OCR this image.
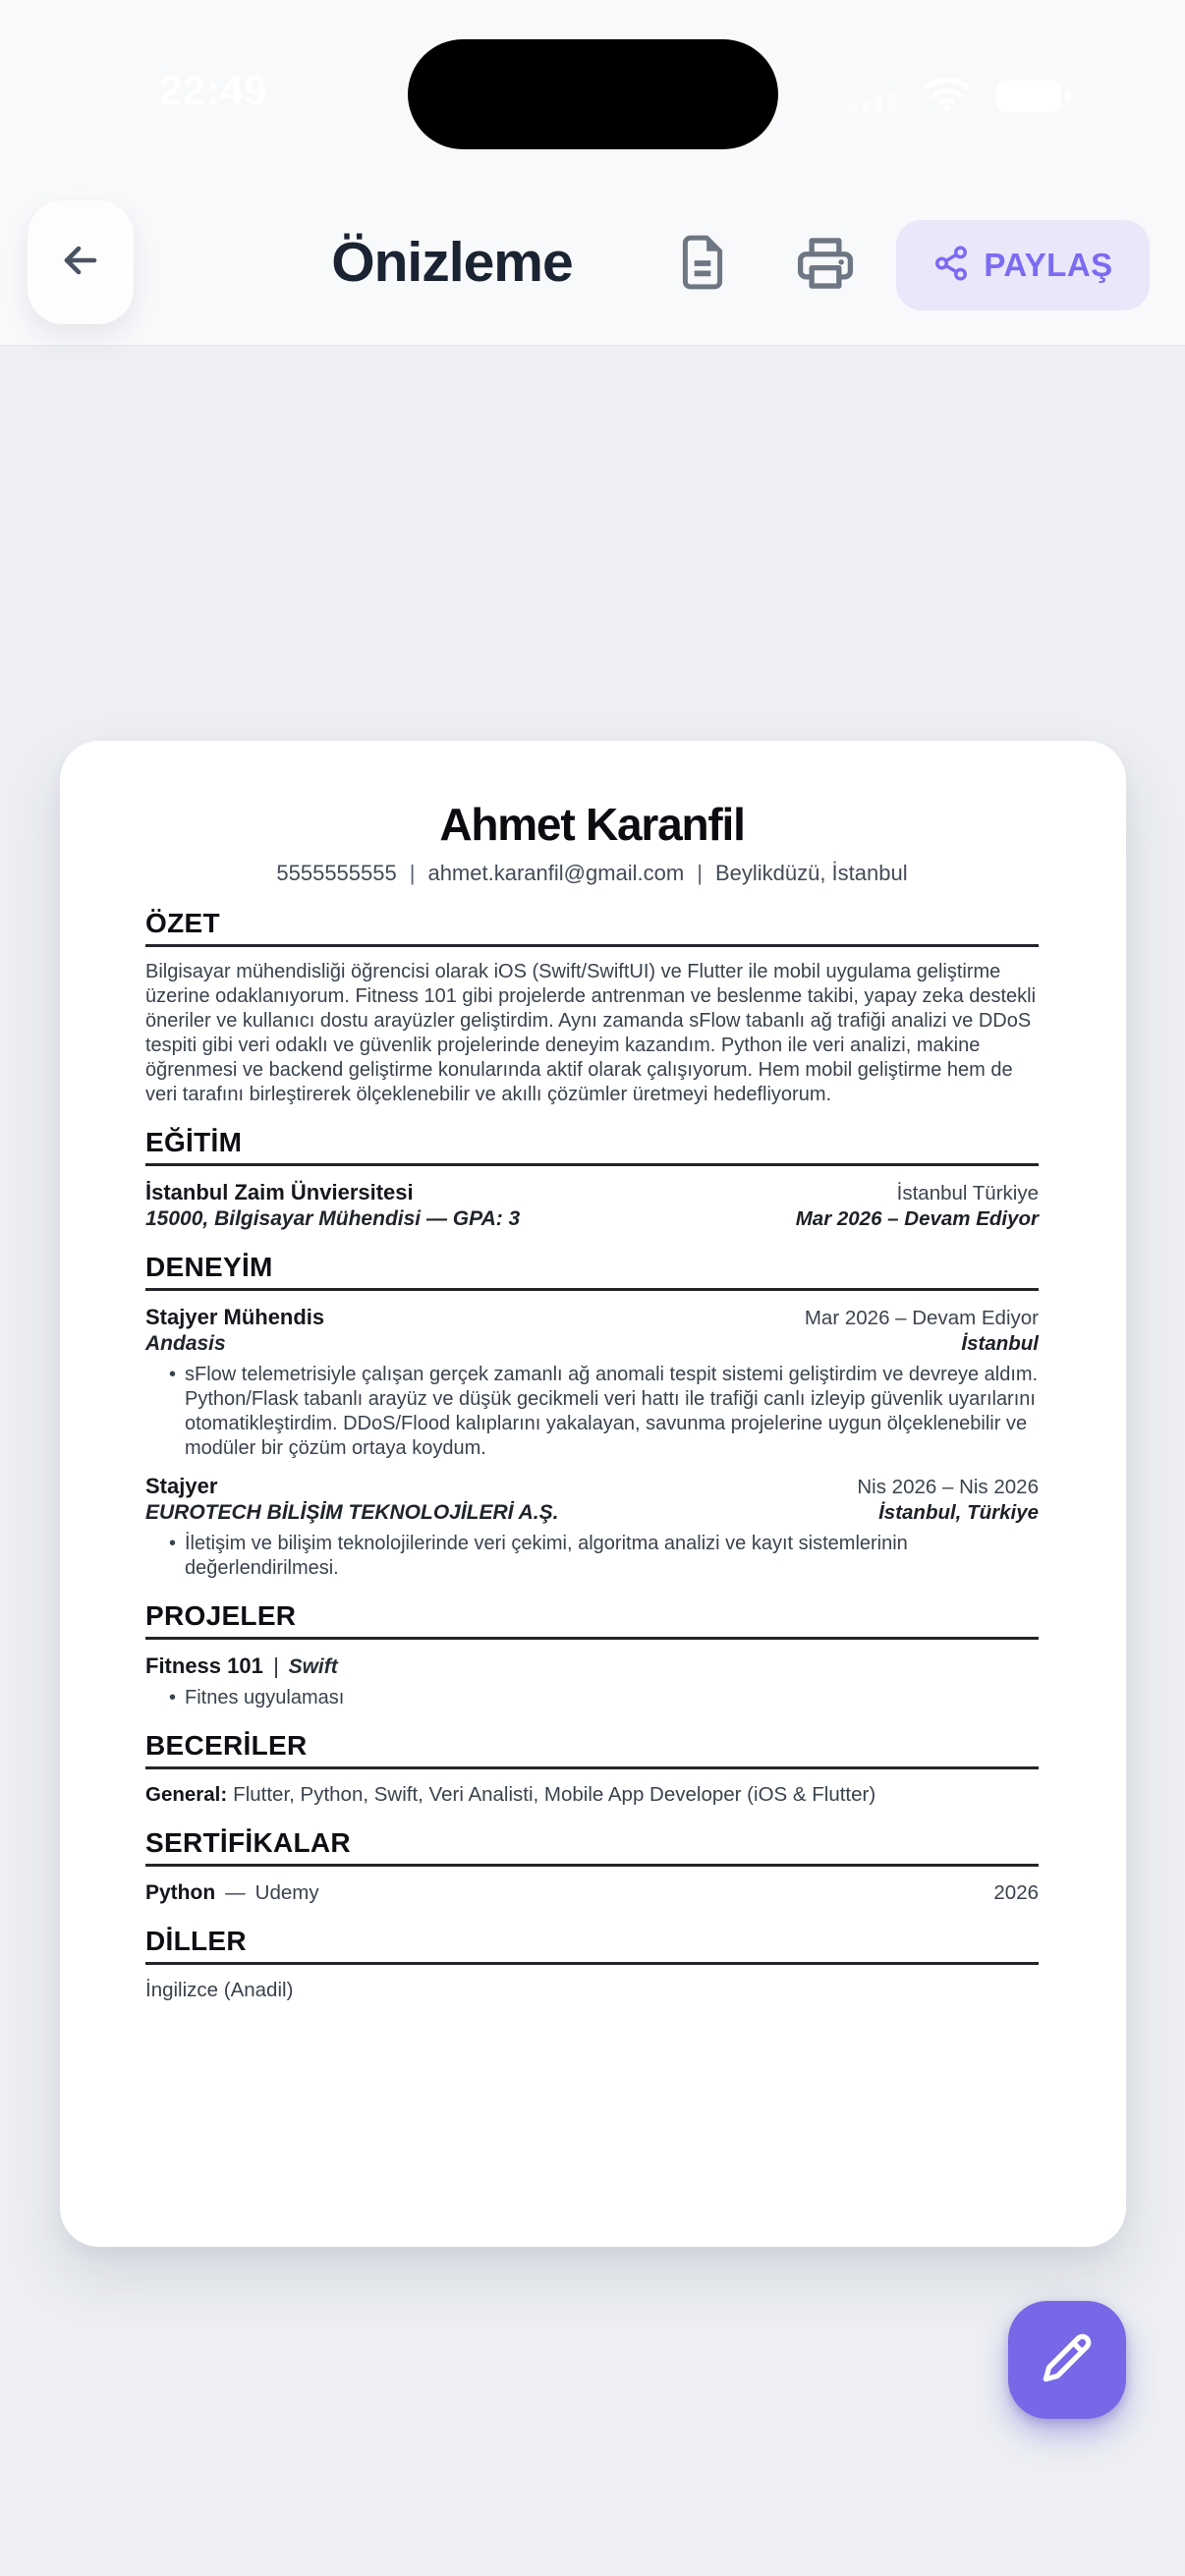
22:49
Önizleme	PAYLAŞ
Ahmet Karanfil
5555555555 | ahmet.karanfil@gmail.com | Beylikdüzü, İstanbul
ÖZET
Bilgisayar mühendisliği öğrencisi olarak iOS (Swift/SwiftUI) ve Flutter ile mobil uygulama geliştirme üzerine odaklanıyorum. Fitness 101 gibi projelerde antrenman ve beslenme takibi, yapay zeka destekli öneriler ve kullanıcı dostu arayüzler geliştirdim. Aynı zamanda sFlow tabanlı ağ trafiği analizi ve DDoS tespiti gibi veri odaklı ve güvenlik projelerinde deneyim kazandım. Python ile veri analizi, makine öğrenmesi ve backend geliştirme konularında aktif olarak çalışıyorum. Hem mobil geliştirme hem de veri tarafını birleştirerek ölçeklenebilir ve akıllı çözümler üretmeyi hedefliyorum.
EĞİTİM
İstanbul Zaim Ünviersitesi	İstanbul Türkiye
15000, Bilgisayar Mühendisi — GPA: 3	Mar 2026 – Devam Ediyor
DENEYİM
Stajyer Mühendis	Mar 2026 – Devam Ediyor
Andasis	İstanbul
• sFlow telemetrisiyle çalışan gerçek zamanlı ağ anomali tespit sistemi geliştirdim ve devreye aldım. Python/Flask tabanlı arayüz ve düşük gecikmeli veri hattı ile trafiği canlı izleyip güvenlik uyarılarını otomatikleştirdim. DDoS/Flood kalıplarını yakalayan, savunma projelerine uygun ölçeklenebilir ve modüler bir çözüm ortaya koydum.
Stajyer	Nis 2026 – Nis 2026
EUROTECH BİLİŞİM TEKNOLOJİLERİ A.Ş.	İstanbul, Türkiye
• İletişim ve bilişim teknolojilerinde veri çekimi, algoritma analizi ve kayıt sistemlerinin değerlendirilmesi.
PROJELER
Fitness 101 | Swift
• Fitnes ugyulaması
BECERİLER
General: Flutter, Python, Swift, Veri Analisti, Mobile App Developer (iOS & Flutter)
SERTİFİKALAR
Python — Udemy	2026
DİLLER
İngilizce (Anadil)
